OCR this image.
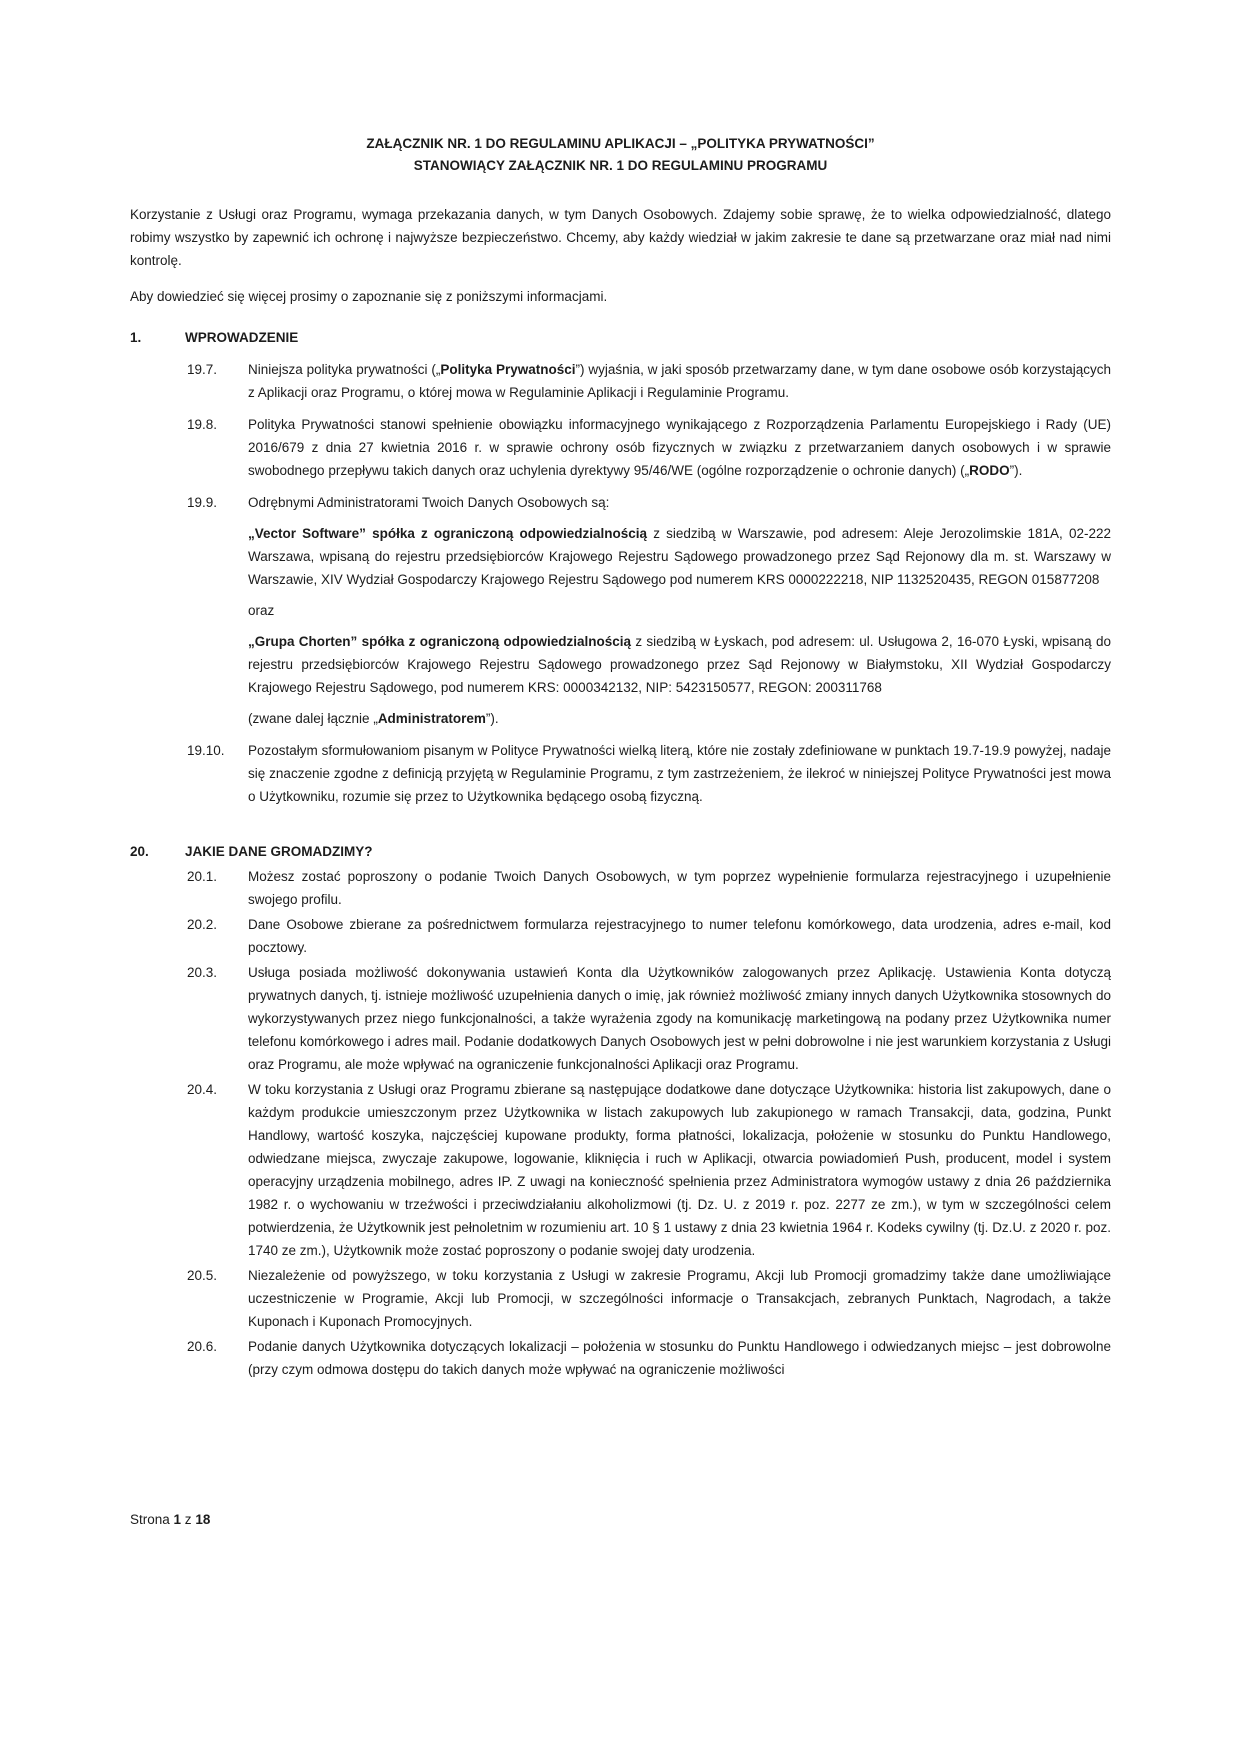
ZAŁĄCZNIK NR. 1 DO REGULAMINU APLIKACJI – „POLITYKA PRYWATNOŚCI”
STANOWIĄCY ZAŁĄCZNIK NR. 1 DO REGULAMINU PROGRAMU

Korzystanie z Usługi oraz Programu, wymaga przekazania danych, w tym Danych Osobowych. Zdajemy sobie sprawę, że to wielka odpowiedzialność, dlatego robimy wszystko by zapewnić ich ochronę i najwyższe bezpieczeństwo. Chcemy, aby każdy wiedział w jakim zakresie te dane są przetwarzane oraz miał nad nimi kontrolę.

Aby dowiedzieć się więcej prosimy o zapoznanie się z poniższymi informacjami.

1.	WPROWADZENIE
19.7.	Niniejsza polityka prywatności („Polityka Prywatności”) wyjaśnia, w jaki sposób przetwarzamy dane, w tym dane osobowe osób korzystających z Aplikacji oraz Programu, o której mowa w Regulaminie Aplikacji i Regulaminie Programu.
19.8.	Polityka Prywatności stanowi spełnienie obowiązku informacyjnego wynikającego z Rozporządzenia Parlamentu Europejskiego i Rady (UE) 2016/679 z dnia 27 kwietnia 2016 r. w sprawie ochrony osób fizycznych w związku z przetwarzaniem danych osobowych i w sprawie swobodnego przepływu takich danych oraz uchylenia dyrektywy 95/46/WE (ogólne rozporządzenie o ochronie danych) („RODO”).
19.9.	Odrębnymi Administratorami Twoich Danych Osobowych są:
„Vector Software” spółka z ograniczoną odpowiedzialnością z siedzibą w Warszawie, pod adresem: Aleje Jerozolimskie 181A, 02-222 Warszawa, wpisaną do rejestru przedsiębiorców Krajowego Rejestru Sądowego prowadzonego przez Sąd Rejonowy dla m. st. Warszawy w Warszawie, XIV Wydział Gospodarczy Krajowego Rejestru Sądowego pod numerem KRS 0000222218, NIP 1132520435, REGON 015877208
oraz
„Grupa Chorten” spółka z ograniczoną odpowiedzialnością z siedzibą w Łyskach, pod adresem: ul. Usługowa 2, 16-070 Łyski, wpisaną do rejestru przedsiębiorców Krajowego Rejestru Sądowego prowadzonego przez Sąd Rejonowy w Białymstoku, XII Wydział Gospodarczy Krajowego Rejestru Sądowego, pod numerem KRS: 0000342132, NIP: 5423150577, REGON: 200311768
(zwane dalej łącznie „Administratorem”).
19.10.	Pozostałym sformułowaniom pisanym w Polityce Prywatności wielką literą, które nie zostały zdefiniowane w punktach 19.7-19.9 powyżej, nadaje się znaczenie zgodne z definicją przyjętą w Regulaminie Programu, z tym zastrzeżeniem, że ilekroć w niniejszej Polityce Prywatności jest mowa o Użytkowniku, rozumie się przez to Użytkownika będącego osobą fizyczną.
20.	JAKIE DANE GROMADZIMY?
20.1.	Możesz zostać poproszony o podanie Twoich Danych Osobowych, w tym poprzez wypełnienie formularza rejestracyjnego i uzupełnienie swojego profilu.
20.2.	Dane Osobowe zbierane za pośrednictwem formularza rejestracyjnego to numer telefonu komórkowego, data urodzenia, adres e-mail, kod pocztowy.
20.3.	Usługa posiada możliwość dokonywania ustawień Konta dla Użytkowników zalogowanych przez Aplikację. Ustawienia Konta dotyczą prywatnych danych, tj. istnieje możliwość uzupełnienia danych o imię, jak również możliwość zmiany innych danych Użytkownika stosownych do wykorzystywanych przez niego funkcjonalności, a także wyrażenia zgody na komunikację marketingową na podany przez Użytkownika numer telefonu komórkowego i adres mail. Podanie dodatkowych Danych Osobowych jest w pełni dobrowolne i nie jest warunkiem korzystania z Usługi oraz Programu, ale może wpływać na ograniczenie funkcjonalności Aplikacji oraz Programu.
20.4.	W toku korzystania z Usługi oraz Programu zbierane są następujące dodatkowe dane dotyczące Użytkownika: historia list zakupowych, dane o każdym produkcie umieszczonym przez Użytkownika w listach zakupowych lub zakupionego w ramach Transakcji, data, godzina, Punkt Handlowy, wartość koszyka, najczęściej kupowane produkty, forma płatności, lokalizacja, położenie w stosunku do Punktu Handlowego, odwiedzane miejsca, zwyczaje zakupowe, logowanie, kliknięcia i ruch w Aplikacji, otwarcia powiadomień Push, producent, model i system operacyjny urządzenia mobilnego, adres IP. Z uwagi na konieczność spełnienia przez Administratora wymogów ustawy z dnia 26 października 1982 r. o wychowaniu w trzeźwości i przeciwdziałaniu alkoholizmowi (tj. Dz. U. z 2019 r. poz. 2277 ze zm.), w tym w szczególności celem potwierdzenia, że Użytkownik jest pełnoletnim w rozumieniu art. 10 § 1 ustawy z dnia 23 kwietnia 1964 r. Kodeks cywilny (tj. Dz.U. z 2020 r. poz. 1740 ze zm.), Użytkownik może zostać poproszony o podanie swojej daty urodzenia.
20.5.	Niezależenie od powyższego, w toku korzystania z Usługi w zakresie Programu, Akcji lub Promocji gromadzimy także dane umożliwiające uczestniczenie w Programie, Akcji lub Promocji, w szczególności informacje o Transakcjach, zebranych Punktach, Nagrodach, a także Kuponach i Kuponach Promocyjnych.
20.6.	Podanie danych Użytkownika dotyczących lokalizacji – położenia w stosunku do Punktu Handlowego i odwiedzanych miejsc – jest dobrowolne (przy czym odmowa dostępu do takich danych może wpływać na ograniczenie możliwości
Strona 1 z 18
